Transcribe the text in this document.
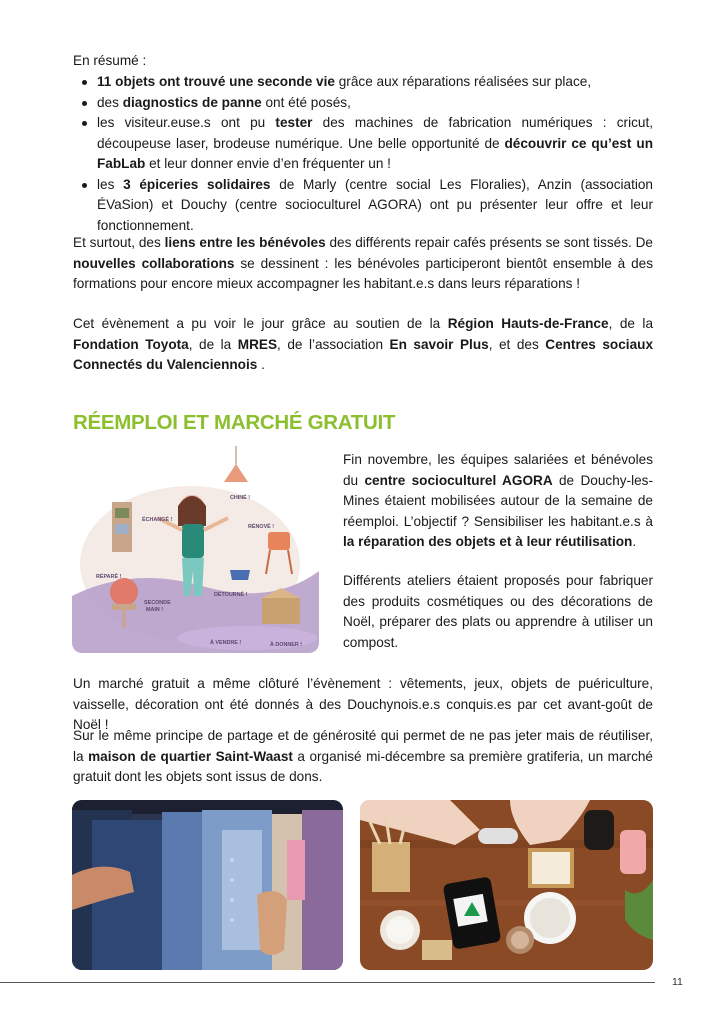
En résumé :

11 objets ont trouvé une seconde vie grâce aux réparations réalisées sur place,
des diagnostics de panne ont été posés,
les visiteur.euse.s ont pu tester des machines de fabrication numériques : cricut, découpeuse laser, brodeuse numérique. Une belle opportunité de découvrir ce qu’est un FabLab et leur donner envie d’en fréquenter un !
les 3 épiceries solidaires de Marly (centre social Les Floralies), Anzin (association ÉVaSion) et Douchy (centre socioculturel AGORA) ont pu présenter leur offre et leur fonctionnement.

Et surtout, des liens entre les bénévoles des différents repair cafés présents se sont tissés. De nouvelles collaborations se dessinent : les bénévoles participeront bientôt ensemble à des formations pour encore mieux accompagner les habitant.e.s dans leurs réparations !

Cet évènement a pu voir le jour grâce au soutien de la Région Hauts-de-France, de la Fondation Toyota, de la MRES, de l’association En savoir Plus, et des Centres sociaux Connectés du Valenciennois .

RÉEMPLOI ET MARCHÉ GRATUIT
CHINÉ !
ÉCHANGÉ !
RÉNOVÉ !
RÉPARÉ !
SECONDE
MAIN !
DÉTOURNÉ !
À VENDRE !	À DONNER !

Fin novembre, les équipes salariées et bénévoles du centre socioculturel AGORA de Douchy-les-Mines étaient mobilisées autour de la semaine de réemploi. L’objectif ? Sensibiliser les habitant.e.s à la réparation des objets et à leur réutilisation.

Différents ateliers étaient proposés pour fabriquer des produits cosmétiques ou des décorations de Noël, préparer des plats ou apprendre à utiliser un compost.

Un marché gratuit a même clôturé l’évènement : vêtements, jeux, objets de puériculture, vaisselle, décoration ont été donnés à des Douchynois.e.s conquis.es par cet avant-goût de Noël !

Sur le même principe de partage et de générosité qui permet de ne pas jeter mais de réutiliser, la maison de quartier Saint-Waast a organisé mi-décembre sa première gratiferia, un marché gratuit dont les objets sont issus de dons.

11
